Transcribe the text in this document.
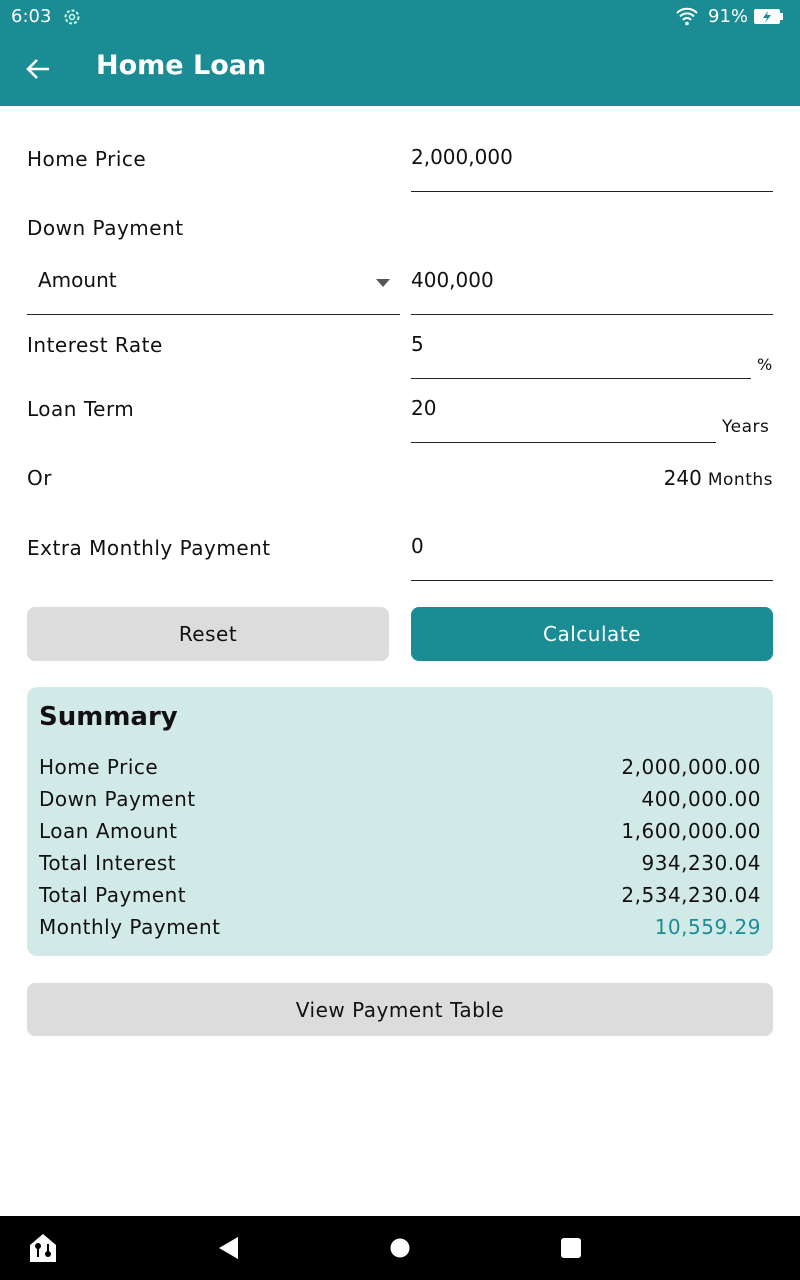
6:03	91%
Home Loan
Home Price	2,000,000
Down Payment
Amount	400,000
Interest Rate	5
%
Loan Term	20
Years
Or	240 Months
Extra Monthly Payment	0
Reset	Calculate
Summary
Home Price	2,000,000.00
Down Payment	400,000.00
Loan Amount	1,600,000.00
Total Interest	934,230.04
Total Payment	2,534,230.04
Monthly Payment	10,559.29
View Payment Table
